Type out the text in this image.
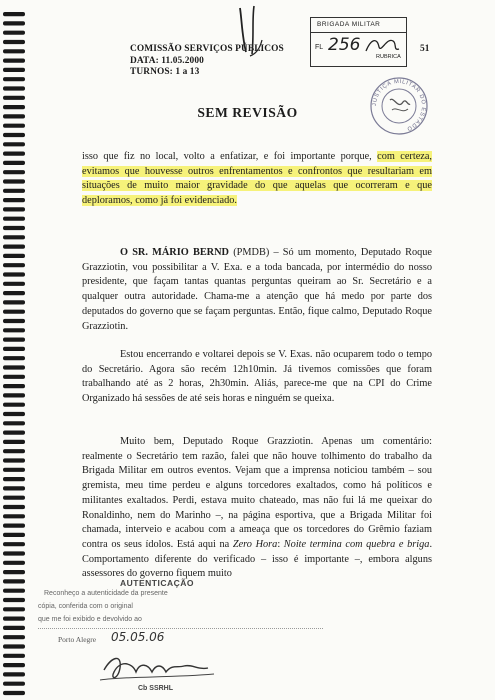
COMISSÃO SERVIÇOS PÚBLICOS
DATA: 11.05.2000
TURNOS: 1 a 13
51
BRIGADA MILITAR
FL 256
RUBRICA
JUSTIÇA MILITAR DO ESTADO
SEM REVISÃO
isso que fiz no local, volto a enfatizar, e foi importante porque, com certeza, evitamos que houvesse outros enfrentamentos e confrontos que resultariam em situações de muito maior gravidade do que aquelas que ocorreram e que deploramos, como já foi evidenciado.
O SR. MÁRIO BERND (PMDB) – Só um momento, Deputado Roque Grazziotin, vou possibilitar a V. Exa. e a toda bancada, por intermédio do nosso presidente, que façam tantas quantas perguntas queiram ao Sr. Secretário e a qualquer outra autoridade. Chama-me a atenção que há medo por parte dos deputados do governo que se façam perguntas. Então, fique calmo, Deputado Roque Grazziotin.
Estou encerrando e voltarei depois se V. Exas. não ocuparem todo o tempo do Secretário. Agora são recém 12h10min. Já tivemos comissões que foram trabalhando até as 2 horas, 2h30min. Aliás, parece-me que na CPI do Crime Organizado há sessões de até seis horas e ninguém se queixa.
Muito bem, Deputado Roque Grazziotin. Apenas um comentário: realmente o Secretário tem razão, falei que não houve tolhimento do trabalho da Brigada Militar em outros eventos. Vejam que a imprensa noticiou também – sou gremista, meu time perdeu e alguns torcedores exaltados, como há políticos e militantes exaltados. Perdi, estava muito chateado, mas não fui lá me queixar do Ronaldinho, nem do Marinho –, na página esportiva, que a Brigada Militar foi chamada, interveio e acabou com a ameaça que os torcedores do Grêmio faziam contra os seus ídolos. Está aqui na Zero Hora: Noite termina com quebra e briga. Comportamento diferente do verificado – isso é importante –, embora alguns assessores do governo fiquem muito
AUTENTICAÇÃO
Reconheço a autenticidade da presente
cópia, conferida com o original
que me foi exibido e devolvido ao
Porto Alegre 05.05.06
Cb SSRHL
